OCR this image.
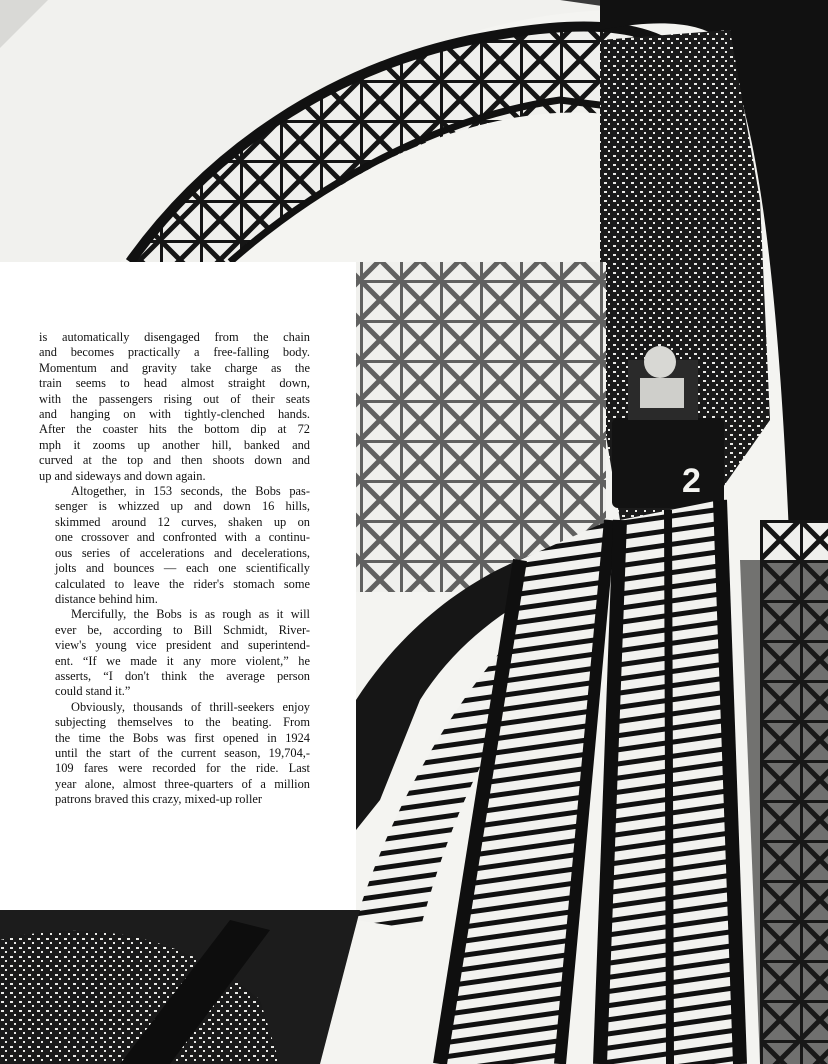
2

is automatically disengaged from the chain
and becomes practically a free-falling body.
Momentum and gravity take charge as the
train seems to head almost straight down,
with the passengers rising out of their seats
and hanging on with tightly-clenched hands.
After the coaster hits the bottom dip at 72
mph it zooms up another hill, banked and
curved at the top and then shoots down and
up and sideways and down again.

Altogether, in 153 seconds, the Bobs pas-
senger is whizzed up and down 16 hills,
skimmed around 12 curves, shaken up on
one crossover and confronted with a continu-
ous series of accelerations and decelerations,
jolts and bounces — each one scientifically
calculated to leave the rider's stomach some
distance behind him.

Mercifully, the Bobs is as rough as it will
ever be, according to Bill Schmidt, River-
view's young vice president and superintend-
ent. “If we made it any more violent,” he
asserts, “I don't think the average person
could stand it.”

Obviously, thousands of thrill-seekers enjoy
subjecting themselves to the beating. From
the time the Bobs was first opened in 1924
until the start of the current season, 19,704,-
109 fares were recorded for the ride. Last
year alone, almost three-quarters of a million
patrons braved this crazy, mixed-up roller
